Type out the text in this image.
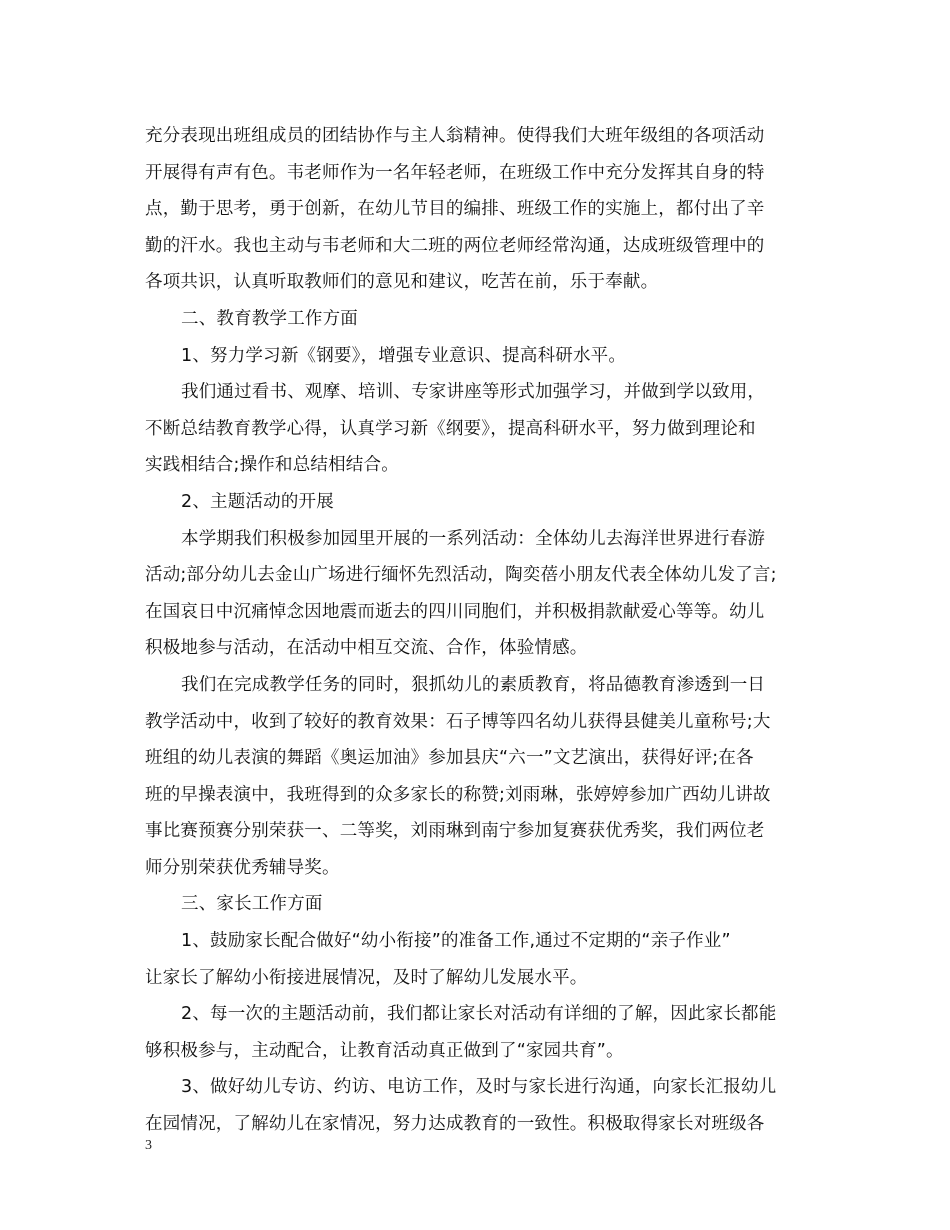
充分表现出班组成员的团结协作与主人翁精神。使得我们大班年级组的各项活动
开展得有声有色。韦老师作为一名年轻老师，在班级工作中充分发挥其自身的特
点，勤于思考，勇于创新，在幼儿节目的编排、班级工作的实施上，都付出了辛
勤的汗水。我也主动与韦老师和大二班的两位老师经常沟通，达成班级管理中的
各项共识，认真听取教师们的意见和建议，吃苦在前，乐于奉献。
二、教育教学工作方面
1、努力学习新《钢要》，增强专业意识、提高科研水平。
我们通过看书、观摩、培训、专家讲座等形式加强学习，并做到学以致用，
不断总结教育教学心得，认真学习新《纲要》，提高科研水平，努力做到理论和
实践相结合;操作和总结相结合。
2、主题活动的开展
本学期我们积极参加园里开展的一系列活动：全体幼儿去海洋世界进行春游
活动;部分幼儿去金山广场进行缅怀先烈活动，陶奕蓓小朋友代表全体幼儿发了言;
在国哀日中沉痛悼念因地震而逝去的四川同胞们，并积极捐款献爱心等等。幼儿
积极地参与活动，在活动中相互交流、合作，体验情感。
我们在完成教学任务的同时，狠抓幼儿的素质教育，将品德教育渗透到一日
教学活动中，收到了较好的教育效果：石子博等四名幼儿获得县健美儿童称号;大
班组的幼儿表演的舞蹈《奥运加油》参加县庆“六一”文艺演出，获得好评;在各
班的早操表演中，我班得到的众多家长的称赞;刘雨琳，张婷婷参加广西幼儿讲故
事比赛预赛分别荣获一、二等奖，刘雨琳到南宁参加复赛获优秀奖，我们两位老
师分别荣获优秀辅导奖。
三、家长工作方面
1、鼓励家长配合做好“幼小衔接”的准备工作,通过不定期的“亲子作业”
让家长了解幼小衔接进展情况，及时了解幼儿发展水平。
2、每一次的主题活动前，我们都让家长对活动有详细的了解，因此家长都能
够积极参与，主动配合，让教育活动真正做到了“家园共育”。
3、做好幼儿专访、约访、电访工作，及时与家长进行沟通，向家长汇报幼儿
在园情况，了解幼儿在家情况，努力达成教育的一致性。积极取得家长对班级各
3
